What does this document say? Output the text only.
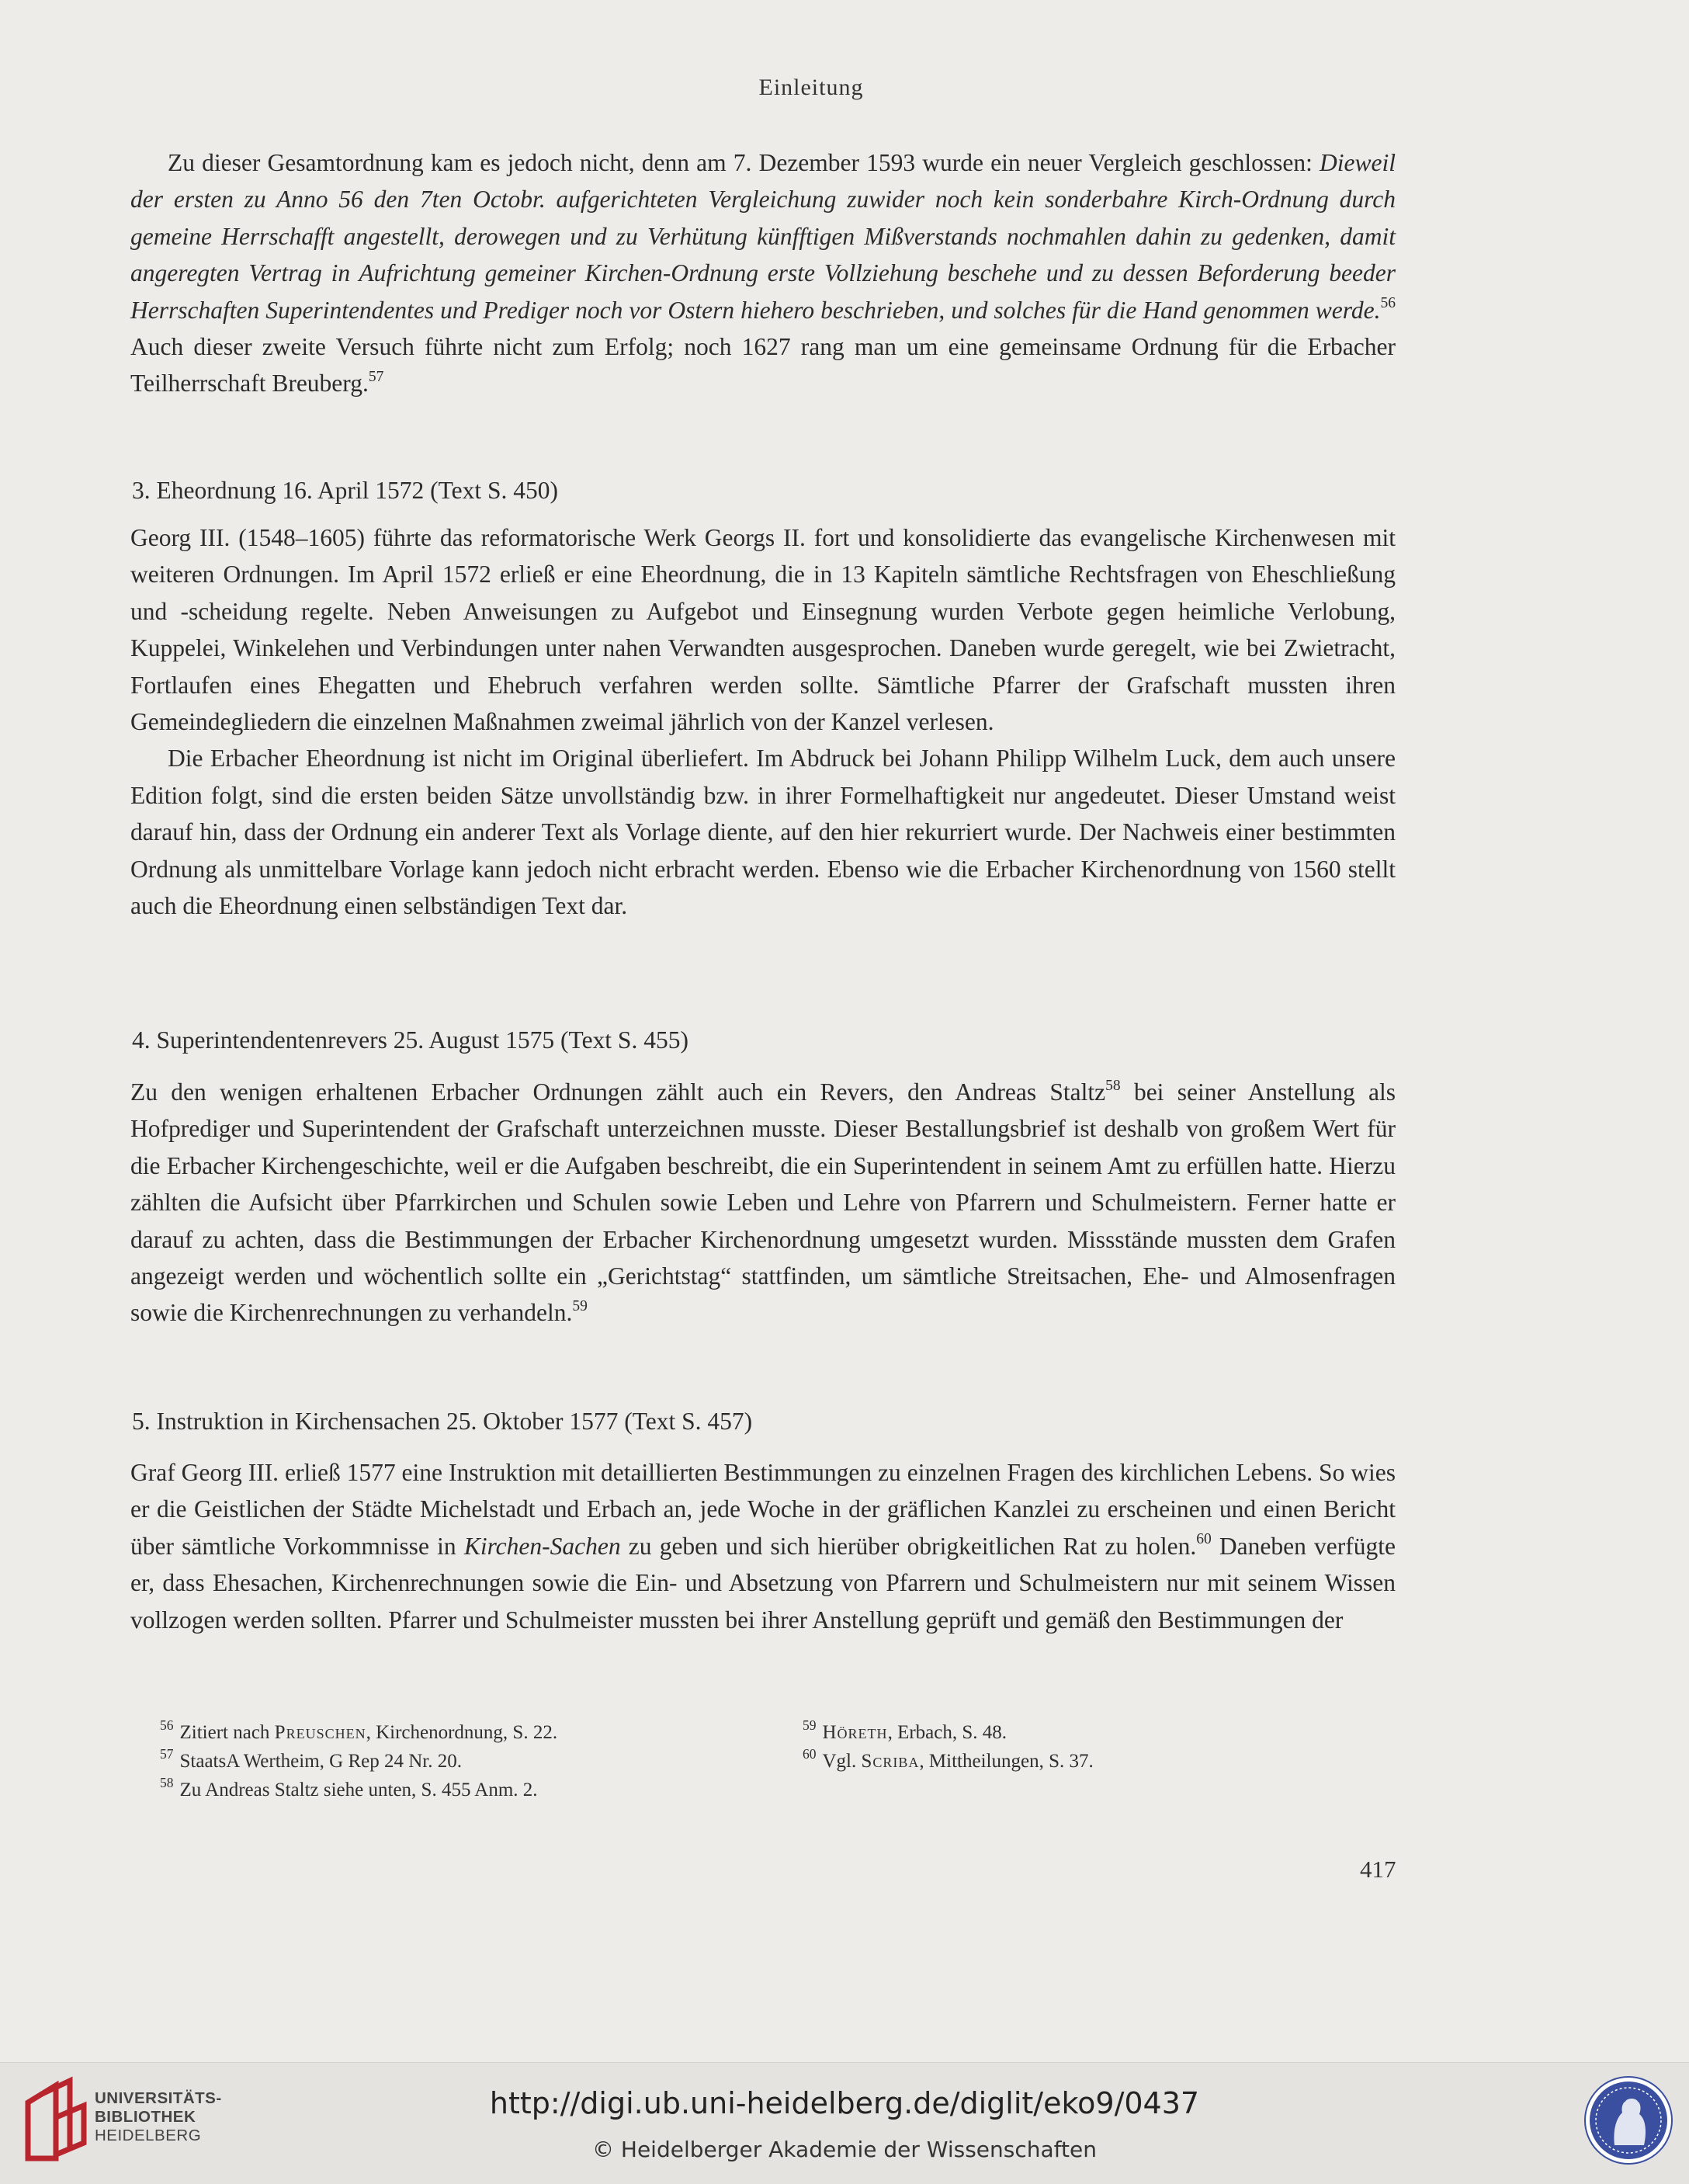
Einleitung

Zu dieser Gesamtordnung kam es jedoch nicht, denn am 7. Dezember 1593 wurde ein neuer Vergleich geschlossen: Dieweil der ersten zu Anno 56 den 7ten Octobr. aufgerichteten Vergleichung zuwider noch kein sonderbahre Kirch-Ordnung durch gemeine Herrschafft angestellt, derowegen und zu Verhütung künfftigen Mißverstands nochmahlen dahin zu gedenken, damit angeregten Vertrag in Aufrichtung gemeiner Kirchen-Ordnung erste Vollziehung beschehe und zu dessen Beforderung beeder Herrschaften Superintendentes und Prediger noch vor Ostern hiehero beschrieben, und solches für die Hand genommen werde.$^{56}$ Auch dieser zweite Versuch führte nicht zum Erfolg; noch 1627 rang man um eine gemeinsame Ordnung für die Erbacher Teilherrschaft Breuberg.$^{57}$

3. Eheordnung 16. April 1572 (Text S. 450)

Georg III. (1548–1605) führte das reformatorische Werk Georgs II. fort und konsolidierte das evangelische Kirchenwesen mit weiteren Ordnungen. Im April 1572 erließ er eine Eheordnung, die in 13 Kapiteln sämtliche Rechtsfragen von Eheschließung und -scheidung regelte. Neben Anweisungen zu Aufgebot und Einsegnung wurden Verbote gegen heimliche Verlobung, Kuppelei, Winkelehen und Verbindungen unter nahen Verwandten ausgesprochen. Daneben wurde geregelt, wie bei Zwietracht, Fortlaufen eines Ehegatten und Ehebruch verfahren werden sollte. Sämtliche Pfarrer der Grafschaft mussten ihren Gemeindegliedern die einzelnen Maßnahmen zweimal jährlich von der Kanzel verlesen.

Die Erbacher Eheordnung ist nicht im Original überliefert. Im Abdruck bei Johann Philipp Wilhelm Luck, dem auch unsere Edition folgt, sind die ersten beiden Sätze unvollständig bzw. in ihrer Formelhaftigkeit nur angedeutet. Dieser Umstand weist darauf hin, dass der Ordnung ein anderer Text als Vorlage diente, auf den hier rekurriert wurde. Der Nachweis einer bestimmten Ordnung als unmittelbare Vorlage kann jedoch nicht erbracht werden. Ebenso wie die Erbacher Kirchenordnung von 1560 stellt auch die Eheordnung einen selbständigen Text dar.

4. Superintendentenrevers 25. August 1575 (Text S. 455)

Zu den wenigen erhaltenen Erbacher Ordnungen zählt auch ein Revers, den Andreas Staltz$^{58}$ bei seiner Anstellung als Hofprediger und Superintendent der Grafschaft unterzeichnen musste. Dieser Bestallungsbrief ist deshalb von großem Wert für die Erbacher Kirchengeschichte, weil er die Aufgaben beschreibt, die ein Superintendent in seinem Amt zu erfüllen hatte. Hierzu zählten die Aufsicht über Pfarrkirchen und Schulen sowie Leben und Lehre von Pfarrern und Schulmeistern. Ferner hatte er darauf zu achten, dass die Bestimmungen der Erbacher Kirchenordnung umgesetzt wurden. Missstände mussten dem Grafen angezeigt werden und wöchentlich sollte ein „Gerichtstag“ stattfinden, um sämtliche Streitsachen, Ehe- und Almosenfragen sowie die Kirchenrechnungen zu verhandeln.$^{59}$

5. Instruktion in Kirchensachen 25. Oktober 1577 (Text S. 457)

Graf Georg III. erließ 1577 eine Instruktion mit detaillierten Bestimmungen zu einzelnen Fragen des kirchlichen Lebens. So wies er die Geistlichen der Städte Michelstadt und Erbach an, jede Woche in der gräflichen Kanzlei zu erscheinen und einen Bericht über sämtliche Vorkommnisse in Kirchen-Sachen zu geben und sich hierüber obrigkeitlichen Rat zu holen.$^{60}$ Daneben verfügte er, dass Ehesachen, Kirchenrechnungen sowie die Ein- und Absetzung von Pfarrern und Schulmeistern nur mit seinem Wissen vollzogen werden sollten. Pfarrer und Schulmeister mussten bei ihrer Anstellung geprüft und gemäß den Bestimmungen der

$^{56}$ Zitiert nach Preuschen, Kirchenordnung, S. 22.
$^{57}$ StaatsA Wertheim, G Rep 24 Nr. 20.
$^{58}$ Zu Andreas Staltz siehe unten, S. 455 Anm. 2.
$^{59}$ Höreth, Erbach, S. 48.
$^{60}$ Vgl. Scriba, Mittheilungen, S. 37.
417
UNIVERSITÄTS-
BIBLIOTHEK
HEIDELBERG
http://digi.ub.uni-heidelberg.de/diglit/eko9/0437
© Heidelberger Akademie der Wissenschaften
